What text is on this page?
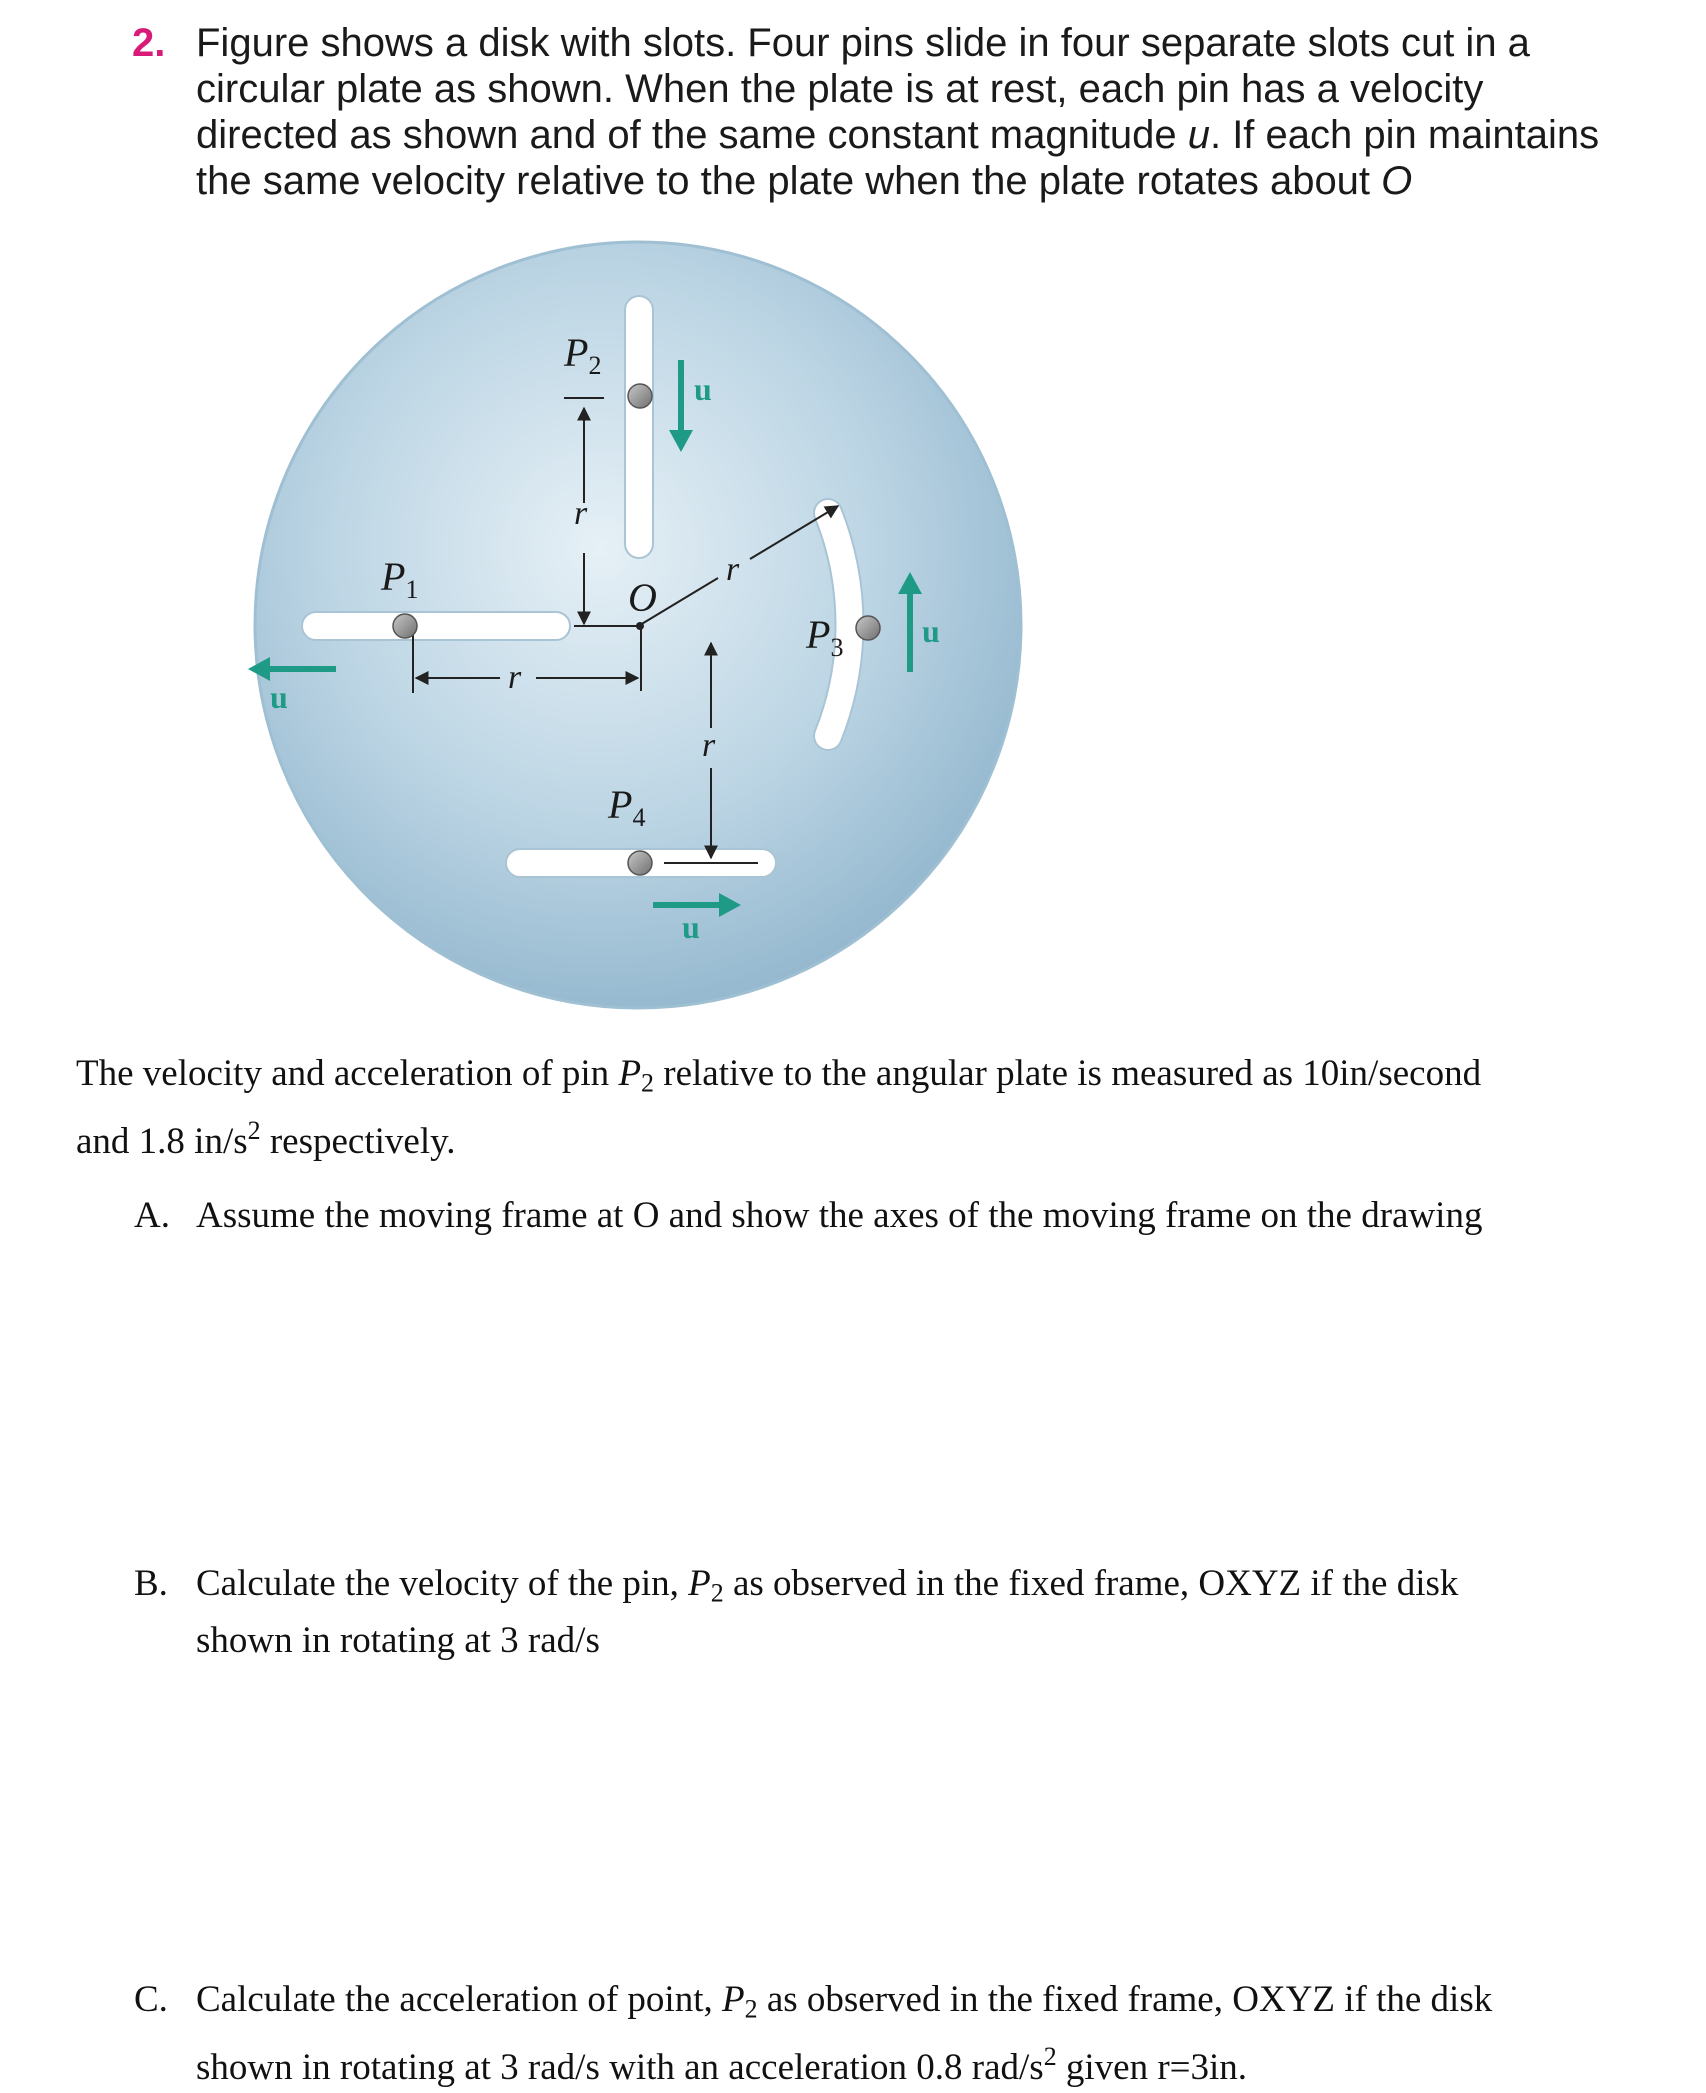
2. Figure shows a disk with slots. Four pins slide in four separate slots cut in a
circular plate as shown. When the plate is at rest, each pin has a velocity
directed as shown and of the same constant magnitude u. If each pin maintains
the same velocity relative to the plate when the plate rotates about O
$P_2$
$P_1$
$P_3$
$P_4$
O
r
r
r
r
u
u
u
u
The velocity and acceleration of pin $P_2$ relative to the angular plate is measured as 10in/second
and 1.8 $in/s^2$ respectively.
A. Assume the moving frame at O and show the axes of the moving frame on the drawing
B. Calculate the velocity of the pin, $P_2$ as observed in the fixed frame, OXYZ if the disk
shown in rotating at 3 rad/s
C. Calculate the acceleration of point, $P_2$ as observed in the fixed frame, OXYZ if the disk
shown in rotating at 3 rad/s with an acceleration 0.8 rad/$s^2$ given r=3in.
